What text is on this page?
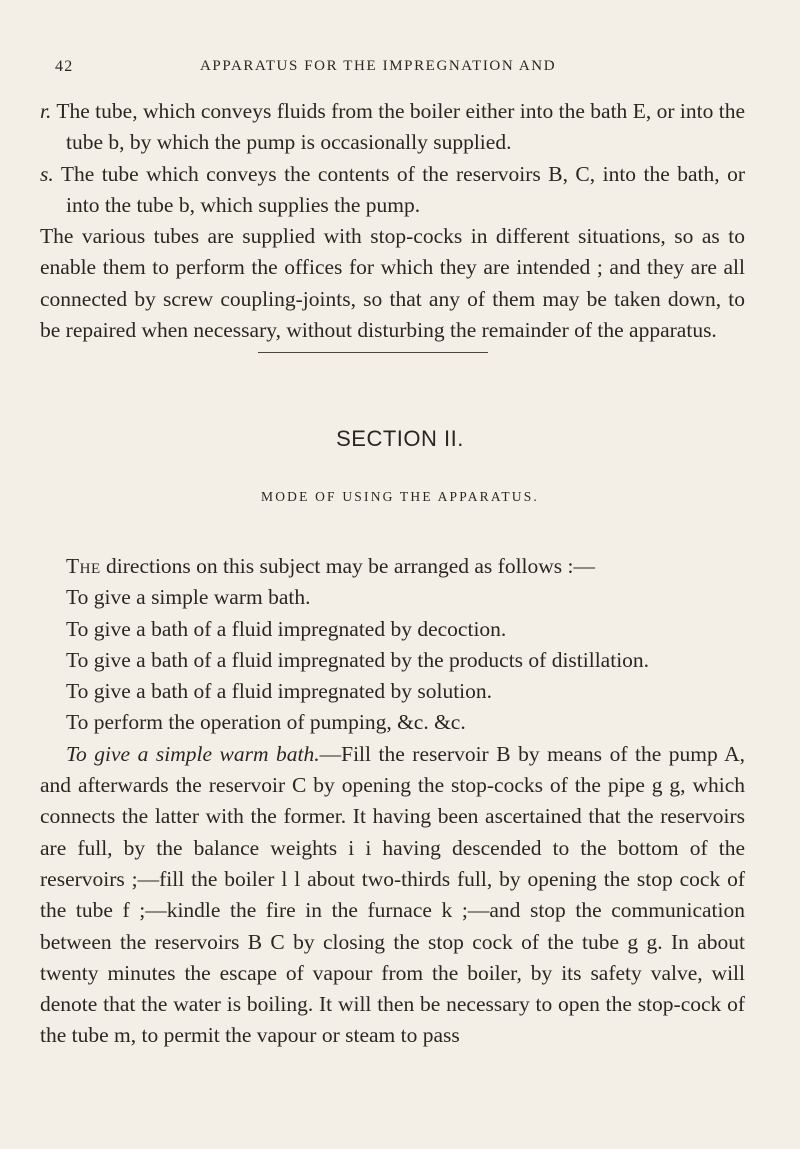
42	APPARATUS FOR THE IMPREGNATION AND

r. The tube, which conveys fluids from the boiler either into the bath E, or into the tube b, by which the pump is occasionally supplied.

s. The tube which conveys the contents of the reservoirs B, C, into the bath, or into the tube b, which supplies the pump.

The various tubes are supplied with stop-cocks in different situations, so as to enable them to perform the offices for which they are intended ; and they are all connected by screw coupling-joints, so that any of them may be taken down, to be repaired when necessary, without disturbing the remainder of the apparatus.

SECTION II.
MODE OF USING THE APPARATUS.

The directions on this subject may be arranged as follows :—

To give a simple warm bath.

To give a bath of a fluid impregnated by decoction.

To give a bath of a fluid impregnated by the products of distillation.

To give a bath of a fluid impregnated by solution.

To perform the operation of pumping, &c. &c.

To give a simple warm bath.—Fill the reservoir B by means of the pump A, and afterwards the reservoir C by opening the stop-cocks of the pipe g g, which connects the latter with the former. It having been ascertained that the reservoirs are full, by the balance weights i i having descended to the bottom of the reservoirs ;—fill the boiler l l about two-thirds full, by opening the stop cock of the tube f ;—kindle the fire in the furnace k ;—and stop the communication between the reservoirs B C by closing the stop cock of the tube g g. In about twenty minutes the escape of vapour from the boiler, by its safety valve, will denote that the water is boiling. It will then be necessary to open the stop-cock of the tube m, to permit the vapour or steam to pass
